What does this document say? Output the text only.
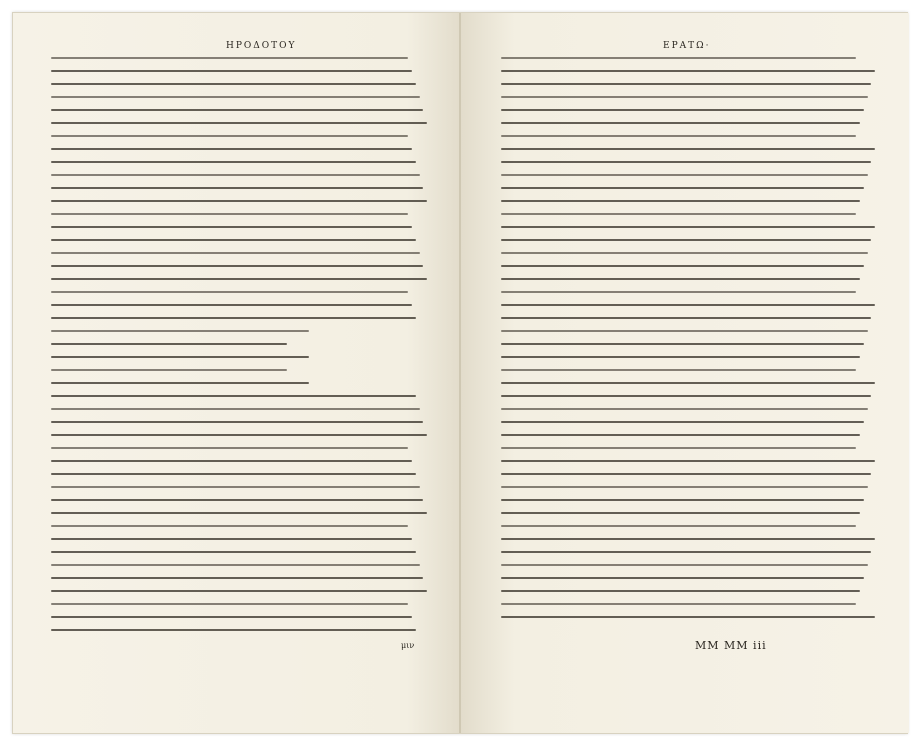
ΗΡΟΔΟΤΟΥ
μιν
ΕΡΑΤΩ·
MM MM iii
